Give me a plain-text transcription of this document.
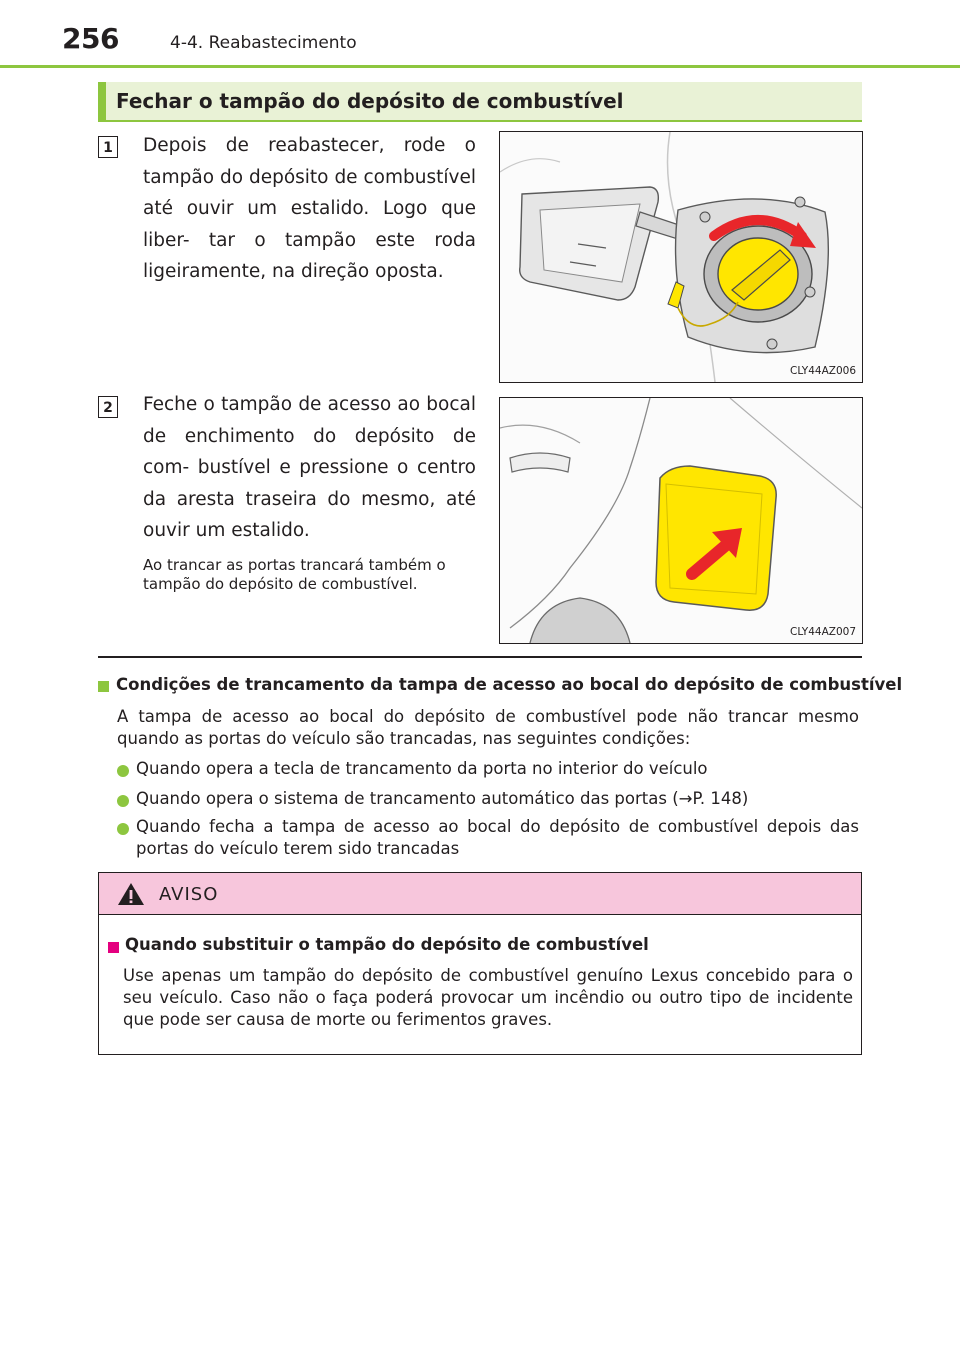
256	4-4. Reabastecimento
Fechar o tampão do depósito de combustível
1 Depois de reabastecer, rode o tampão do depósito de combustível até ouvir um estalido. Logo que liber- tar o tampão este roda ligeiramente, na direção oposta.
CLY44AZ006
2 Feche o tampão de acesso ao bocal de enchimento do depósito de com- bustível e pressione o centro da aresta traseira do mesmo, até ouvir um estalido.
Ao trancar as portas trancará também o tampão do depósito de combustível.
CLY44AZ007
Condições de trancamento da tampa de acesso ao bocal do depósito de combustível
A tampa de acesso ao bocal do depósito de combustível pode não trancar mesmo quando as portas do veículo são trancadas, nas seguintes condições:
Quando opera a tecla de trancamento da porta no interior do veículo
Quando opera o sistema de trancamento automático das portas (→P. 148)
Quando fecha a tampa de acesso ao bocal do depósito de combustível depois das portas do veículo terem sido trancadas
AVISO
Quando substituir o tampão do depósito de combustível
Use apenas um tampão do depósito de combustível genuíno Lexus concebido para o seu veículo. Caso não o faça poderá provocar um incêndio ou outro tipo de incidente que pode ser causa de morte ou ferimentos graves.
